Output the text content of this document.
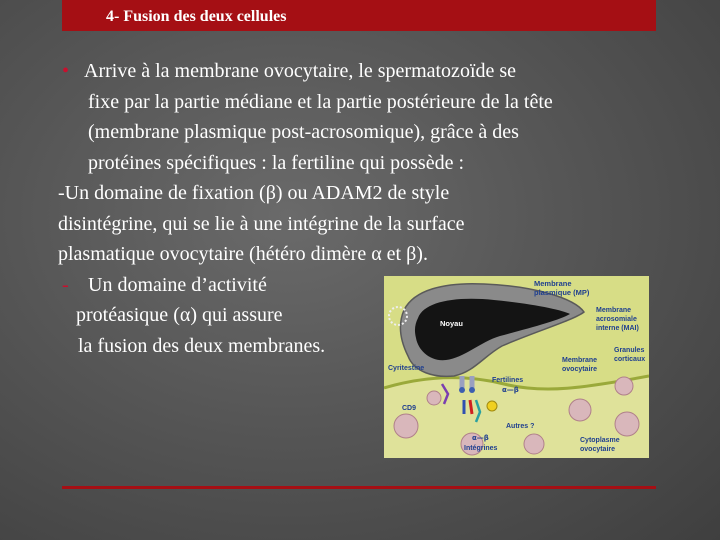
4- Fusion des deux cellules
• Arrive à la membrane ovocytaire, le spermatozoïde se
fixe par la partie médiane et la partie postérieure de la tête
(membrane plasmique post-acrosomique), grâce à des
protéines spécifiques : la fertiline qui possède :
-Un domaine de fixation (β) ou ADAM2 de style
disintégrine, qui se lie à une intégrine de la surface
plasmatique ovocytaire (hétéro dimère α et β).
- Un domaine d’activité
protéasique (α) qui assure
la fusion des deux membranes.
Membrane
plasmique (MP)
Noyau
Membrane
acrosomiale
interne (MAI)
Granules
corticaux
Cyritestine
Membrane
ovocytaire
Fertilines
α—β
CD9
Autres ?
α—β
Intégrines
Cytoplasme
ovocytaire
